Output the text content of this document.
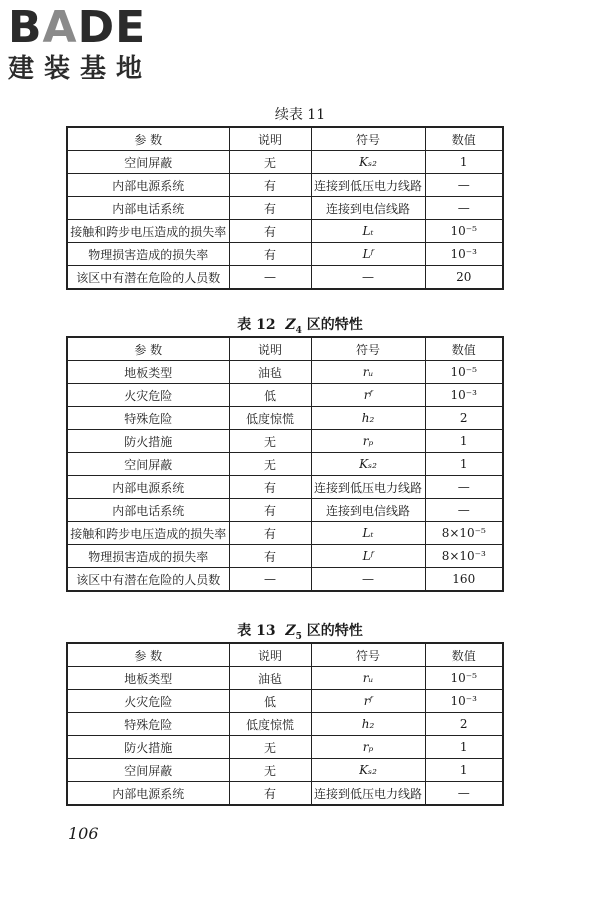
BADE
建装基地
续表 11
参 数	说明	符号	数值
空间屏蔽	无	Kₛ₂	1
内部电源系统	有	连接到低压电力线路	—
内部电话系统	有	连接到电信线路	—
接触和跨步电压造成的损失率	有	Lₜ	10⁻⁵
物理损害造成的损失率	有	Lᶠ	10⁻³
该区中有潜在危险的人员数	—	—	20
表 12 $Z_4$ 区的特性
参 数	说明	符号	数值
地板类型	油毡	rᵤ	10⁻⁵
火灾危险	低	rᶠ	10⁻³
特殊危险	低度惊慌	h₂	2
防火措施	无	rₚ	1
空间屏蔽	无	Kₛ₂	1
内部电源系统	有	连接到低压电力线路	—
内部电话系统	有	连接到电信线路	—
接触和跨步电压造成的损失率	有	Lₜ	8×10⁻⁵
物理损害造成的损失率	有	Lᶠ	8×10⁻³
该区中有潜在危险的人员数	—	—	160
表 13 $Z_5$ 区的特性
参 数	说明	符号	数值
地板类型	油毡	rᵤ	10⁻⁵
火灾危险	低	rᶠ	10⁻³
特殊危险	低度惊慌	h₂	2
防火措施	无	rₚ	1
空间屏蔽	无	Kₛ₂	1
内部电源系统	有	连接到低压电力线路	—
106
